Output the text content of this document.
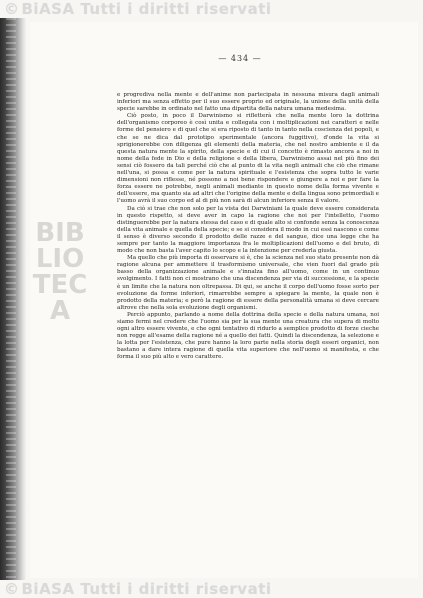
© BiASA Tutti i diritti riservati
— 434 —
BIBLIOTECA

e progrediva nella mente e dell'anime non partecipata in nessuna misura dagli animali inferiori ma senza effetto per il suo essere proprio ed originale, la unione della unità della specie sarebbe in ordinato nel fatto una dipartita della natura umana medesima.

Ciò posto, in poco il Darwinismo si rifletterà che nella mente loro la dottrina dell'organismo corporeo è così unita e collegata con i moltiplicazioni nei caratteri e nelle forme del pensiero e di quel che si era riposto di tanto in tanto nella coscienza dei popoli, e che se ne dica dal prototipo sperimentale (ancora fuggitivo), d'onde la vita si sprigionerebbe con diligenza gli elementi della materia, che nel nostro ambiente e il da questa natura mente la spirito, della specie e di cui il concetto è rimasto ancora a noi in nome della fede in Dio e della religione e della libera, Darwinismo assai nel più fino dei sensi ciò fossero da tali perché ciò che al punto di la vita negli animali che ciò che rimane nell'una, si possa e come per la natura spirituale e l'esistenza che sopra tutto le varie dimensioni non riflesse, né possono a noi bene rispondere e giungere a noi e per fare la forza essere ne potrebbe, negli animali mediante in questo nome della forma vivente e dell'essere, ma quanto sia ad altri che l'origine della mente e della lingua sono primordiali e l'uomo avrà il suo corpo ed al di più non sarà di alcun inferiore senza il valore.

Da ciò si trae che non solo per la vista dei Darwiniani la quale deve essere considerata in questo rispetto, si deve aver in capo la ragione che noi per l'intelletto, l'uomo distinguerebbe per la natura stessa del caso e di quale alto si confonde senza la conoscenza della vita animale e quella della specie; e se si considera il modo in cui essi nascono e come il senso è diverso secondo il prodotto delle razze e del sangue, dice una legge che ha sempre per tanto la maggiore importanza fra le moltiplicazioni dell'uomo e del bruto, di modo che non basta l'aver capito lo scopo e la intenzione per crederla giusta.

Ma quello che più importa di osservare si è, che la scienza nel suo stato presente non dà ragione alcuna per ammettere il trasformismo universale, che vien fuori dal grado più basso della organizzazione animale e s'innalza fino all'uomo, come in un continuo svolgimento. I fatti non ci mostrano che una discendenza per via di successione, e la specie è un limite che la natura non oltrepassa. Di qui, se anche il corpo dell'uomo fosse sorto per evoluzione da forme inferiori, rimarrebbe sempre a spiegare la mente, la quale non è prodotto della materia; e però la ragione di essere della personalità umana si deve cercare altrove che nella sola evoluzione degli organismi.

Perciò appunto, parlando a nome della dottrina della specie e della natura umana, noi siamo fermi nel credere che l'uomo sia per la sua mente una creatura che supera di molto ogni altro essere vivente, e che ogni tentativo di ridurlo a semplice prodotto di forze cieche non regge all'esame della ragione né a quello dei fatti. Quindi la discendenza, la selezione e la lotta per l'esistenza, che pure hanno la loro parte nella storia degli esseri organici, non bastano a dare intera ragione di quella vita superiore che nell'uomo si manifesta, e che forma il suo più alto e vero carattere.

© BiASA Tutti i diritti riservati
